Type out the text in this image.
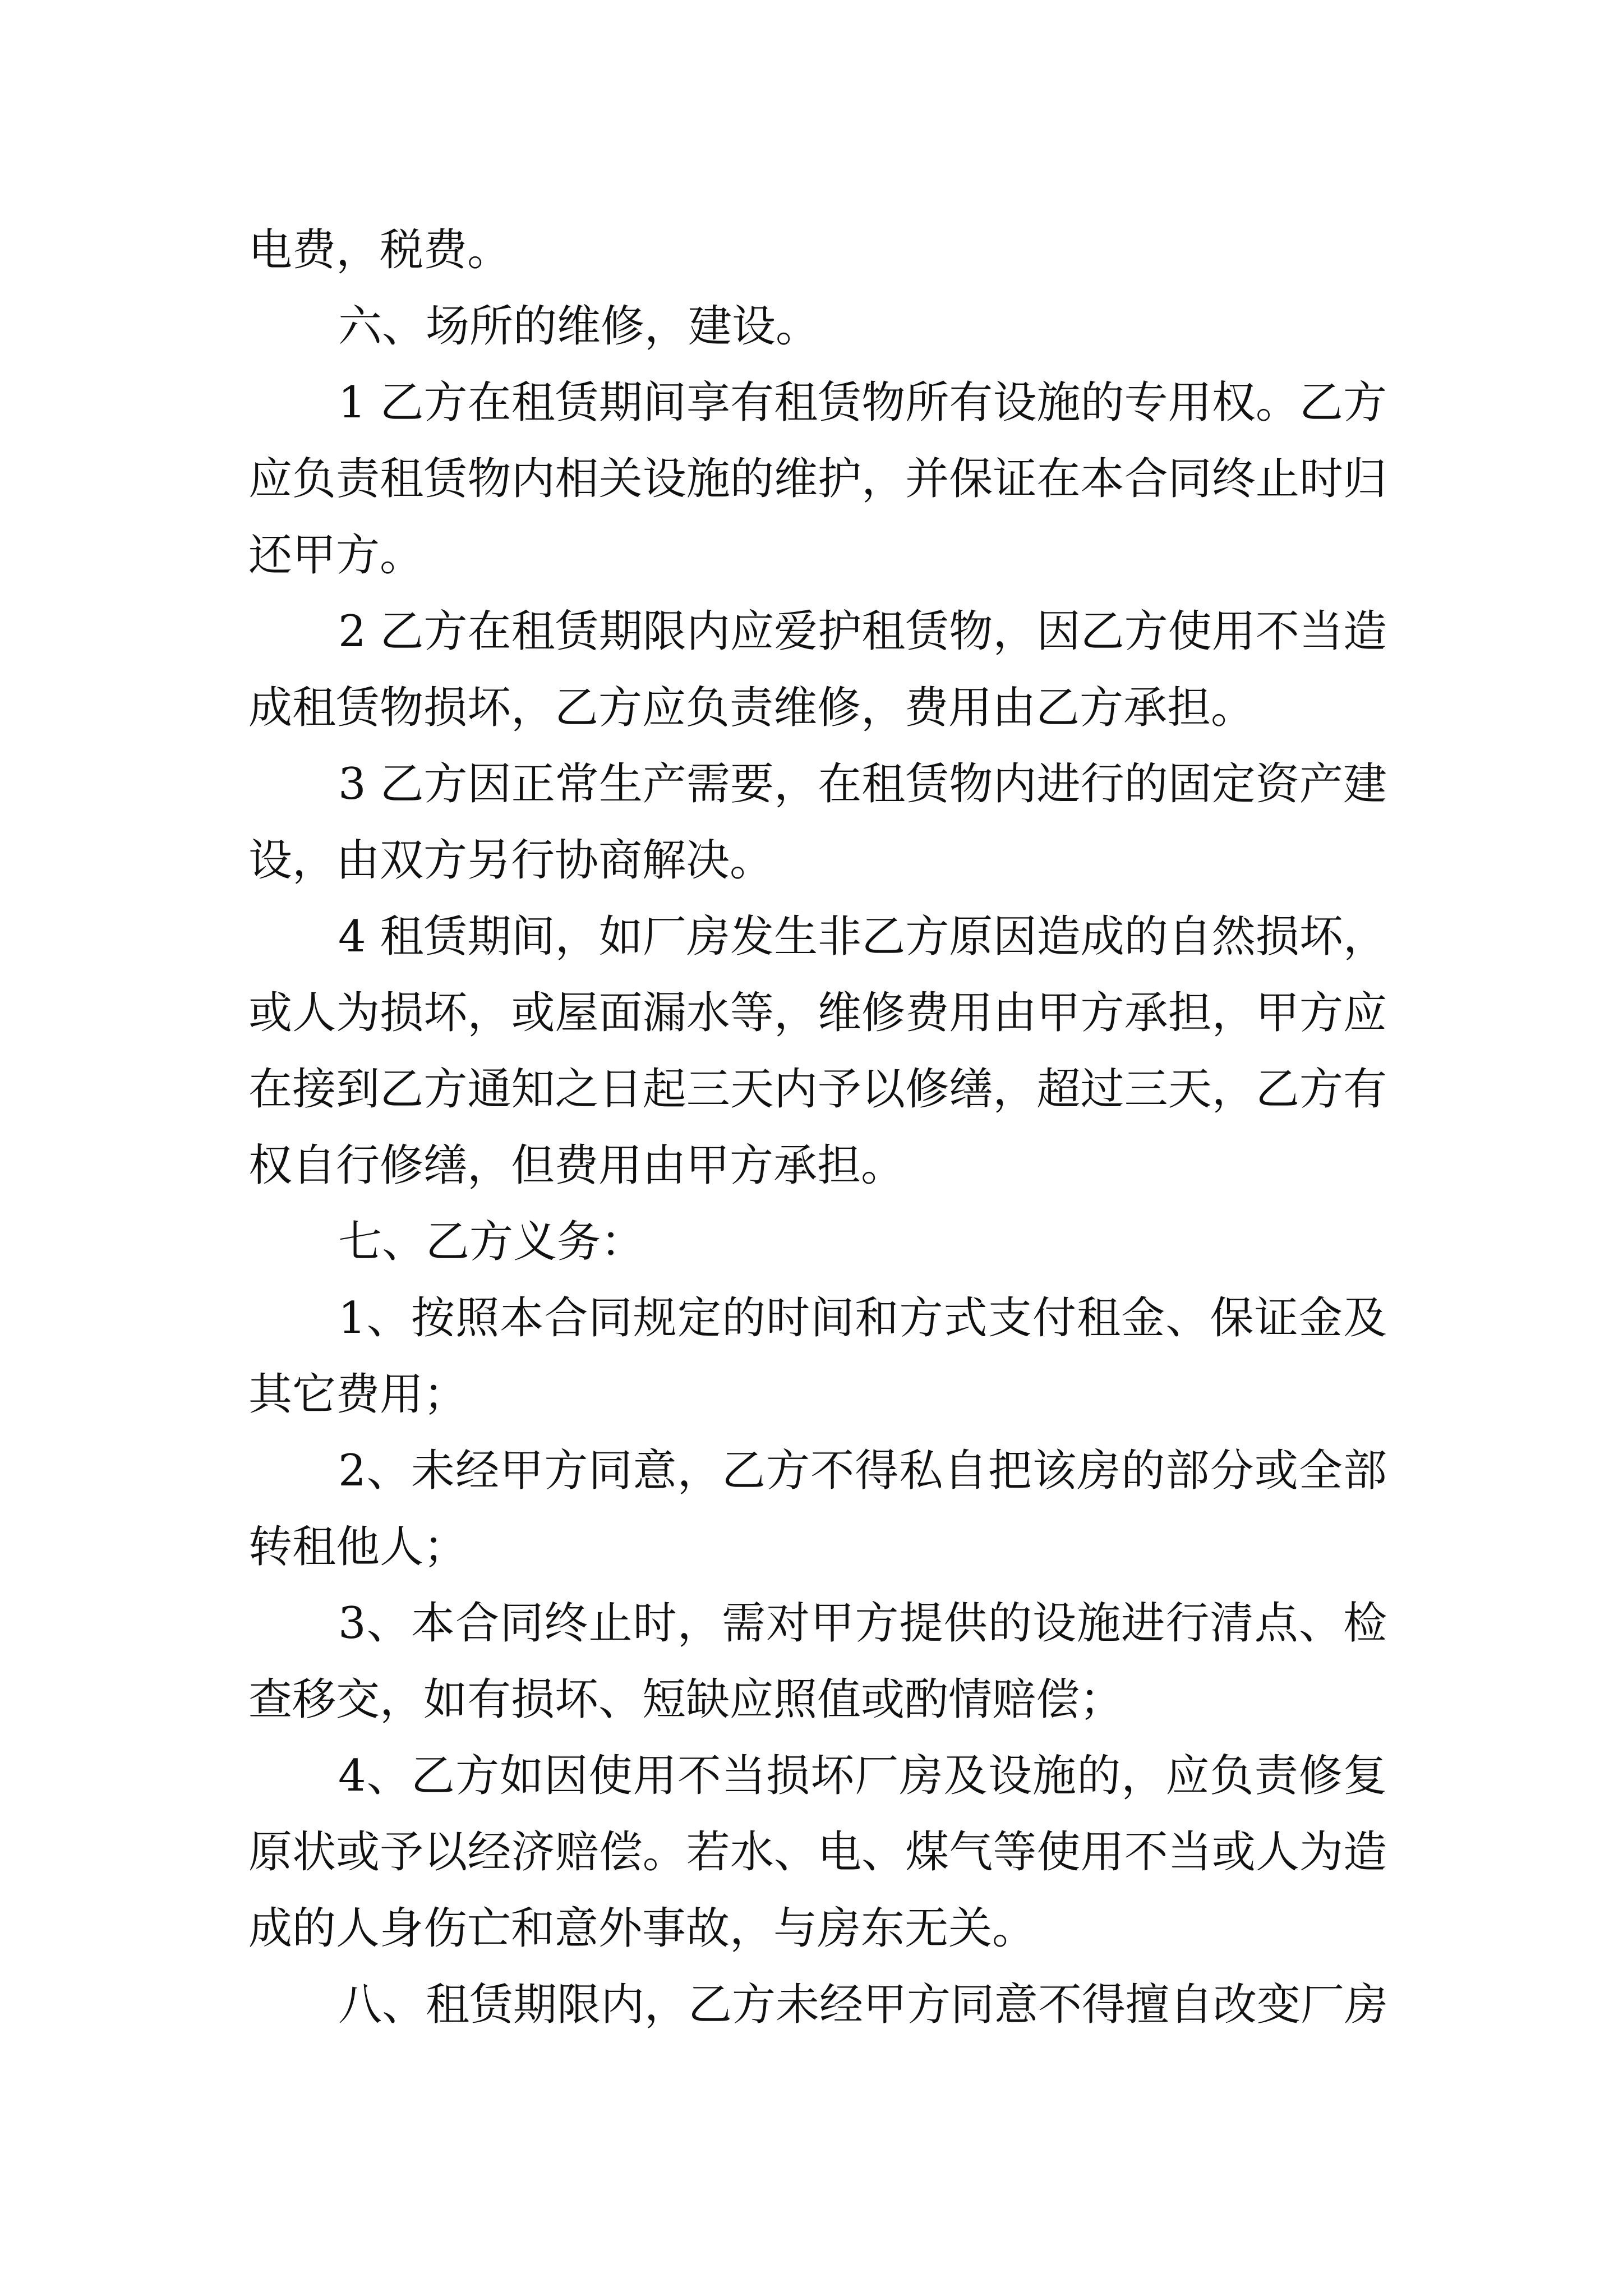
电费，税费。
六、场所的维修，建设。
1 乙方在租赁期间享有租赁物所有设施的专用权。乙方
应负责租赁物内相关设施的维护，并保证在本合同终止时归
还甲方。
2 乙方在租赁期限内应爱护租赁物，因乙方使用不当造
成租赁物损坏，乙方应负责维修，费用由乙方承担。
3 乙方因正常生产需要，在租赁物内进行的固定资产建
设，由双方另行协商解决。
4 租赁期间，如厂房发生非乙方原因造成的自然损坏，
或人为损坏，或屋面漏水等，维修费用由甲方承担，甲方应
在接到乙方通知之日起三天内予以修缮，超过三天，乙方有
权自行修缮，但费用由甲方承担。
七、乙方义务：
1、按照本合同规定的时间和方式支付租金、保证金及
其它费用；
2、未经甲方同意，乙方不得私自把该房的部分或全部
转租他人；
3、本合同终止时，需对甲方提供的设施进行清点、检
查移交，如有损坏、短缺应照值或酌情赔偿；
4、乙方如因使用不当损坏厂房及设施的，应负责修复
原状或予以经济赔偿。若水、电、煤气等使用不当或人为造
成的人身伤亡和意外事故，与房东无关。
八、租赁期限内，乙方未经甲方同意不得擅自改变厂房
